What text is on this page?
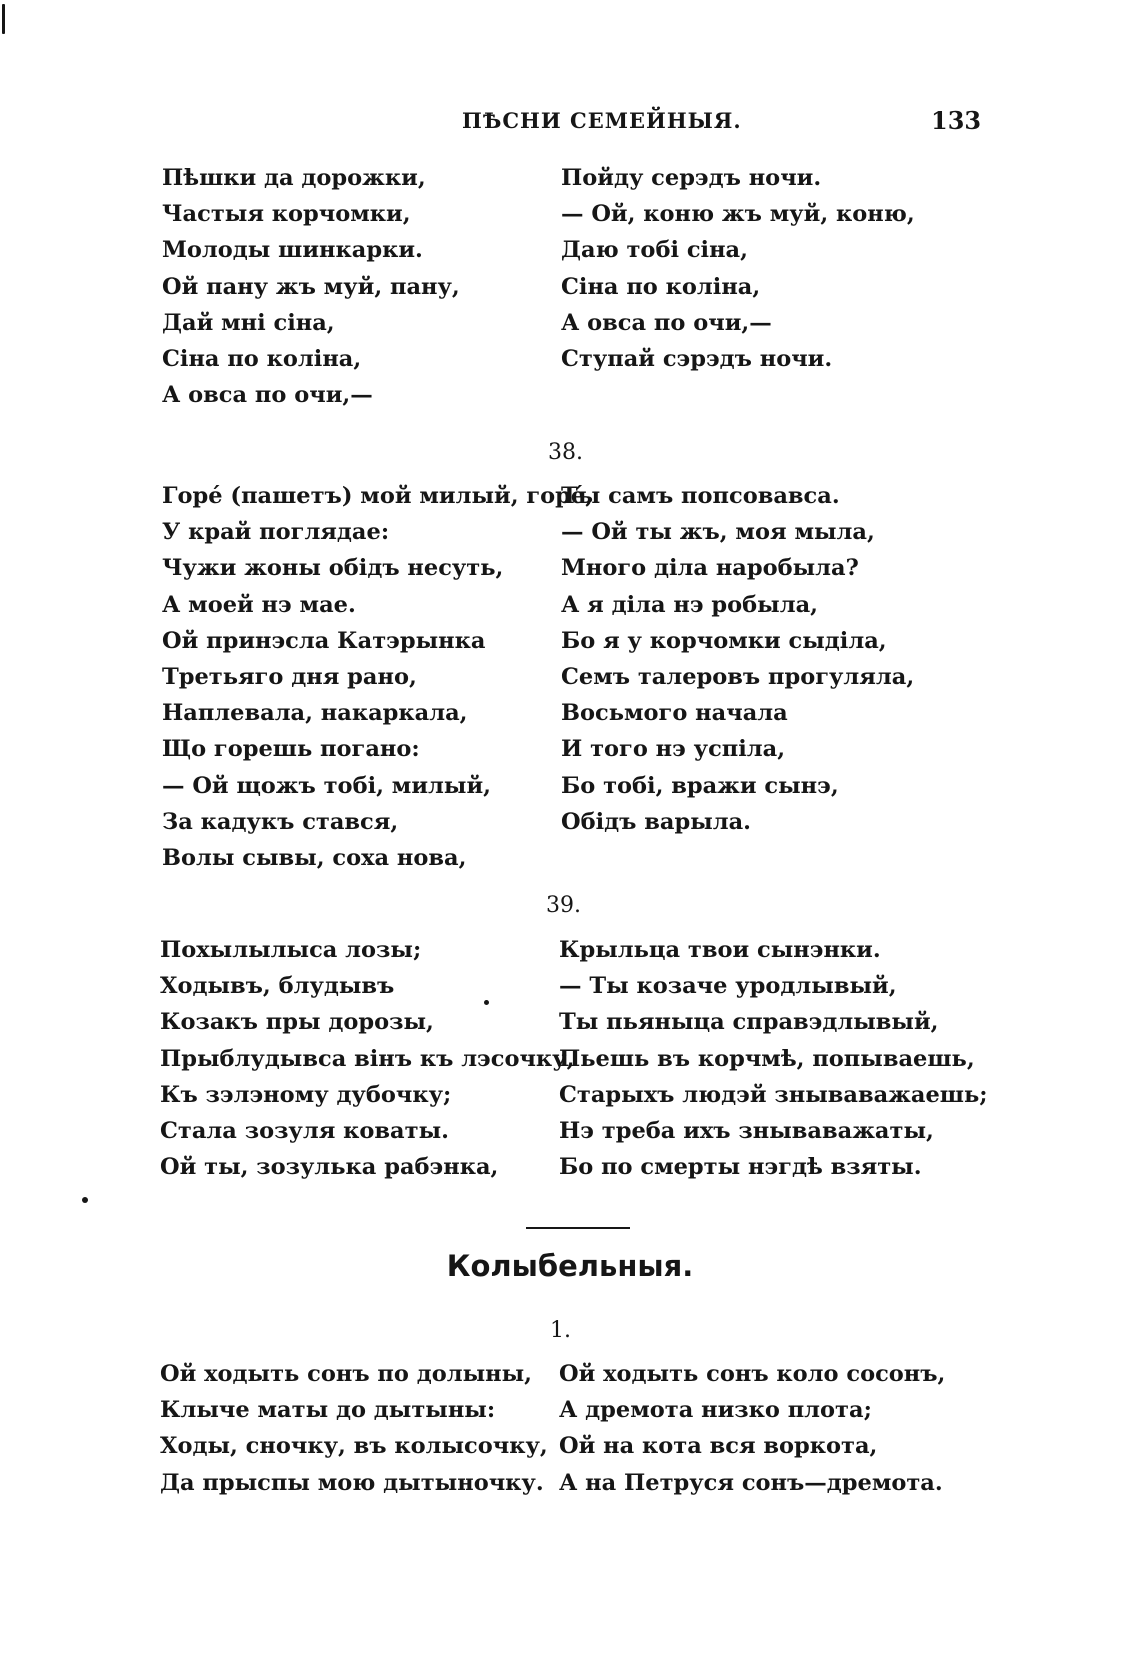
ПѢСНИ СЕМЕЙНЫЯ.	133
Пѣшки да дорожки,
Частыя корчомки,
Молоды шинкарки.
Ой пану жъ муй, пану,
Дай мні сіна,
Сіна по коліна,
А овса по очи,—
Пойду серэдъ ночи.
— Ой, коню жъ муй, коню,
Даю тобі сіна,
Сіна по коліна,
А овса по очи,—
Ступай сэрэдъ ночи.
38.
Горé (пашетъ) мой милый, горé,
У край поглядае:
Чужи жоны обідъ несуть,
А моей нэ мае.
Ой принэсла Катэрынка
Третьяго дня рано,
Наплевала, накаркала,
Що горешь погано:
— Ой щожъ тобі, милый,
За кадукъ стався,
Волы сывы, соха нова,
Ты самъ попсовавса.
— Ой ты жъ, моя мыла,
Много діла наробыла?
А я діла нэ робыла,
Бо я у корчомки сыділа,
Семъ талеровъ прогуляла,
Восьмого начала
И того нэ успіла,
Бо тобі, вражи сынэ,
Обідъ варыла.
39.
Похылылыса лозы;
Ходывъ, блудывъ
Козакъ пры дорозы,
Прыблудывса вінъ къ лэсочку,
Къ зэлэному дубочку;
Стала зозуля коваты.
Ой ты, зозулька рабэнка,
Крыльца твои сынэнки.
— Ты козаче уродлывый,
Ты пьяныца справэдлывый,
Пьешь въ корчмѣ, попываешь,
Старыхъ людэй знываважаешь;
Нэ треба ихъ знываважаты,
Бо по смерты нэгдѣ взяты.
Колыбельныя.
1.
Ой ходыть сонъ по долыны,
Клыче маты до дытыны:
Ходы, сночку, въ колысочку,
Да прыспы мою дытыночку.
Ой ходыть сонъ коло сосонъ,
А дремота низко плота;
Ой на кота вся воркота,
А на Петруся сонъ—дремота.
